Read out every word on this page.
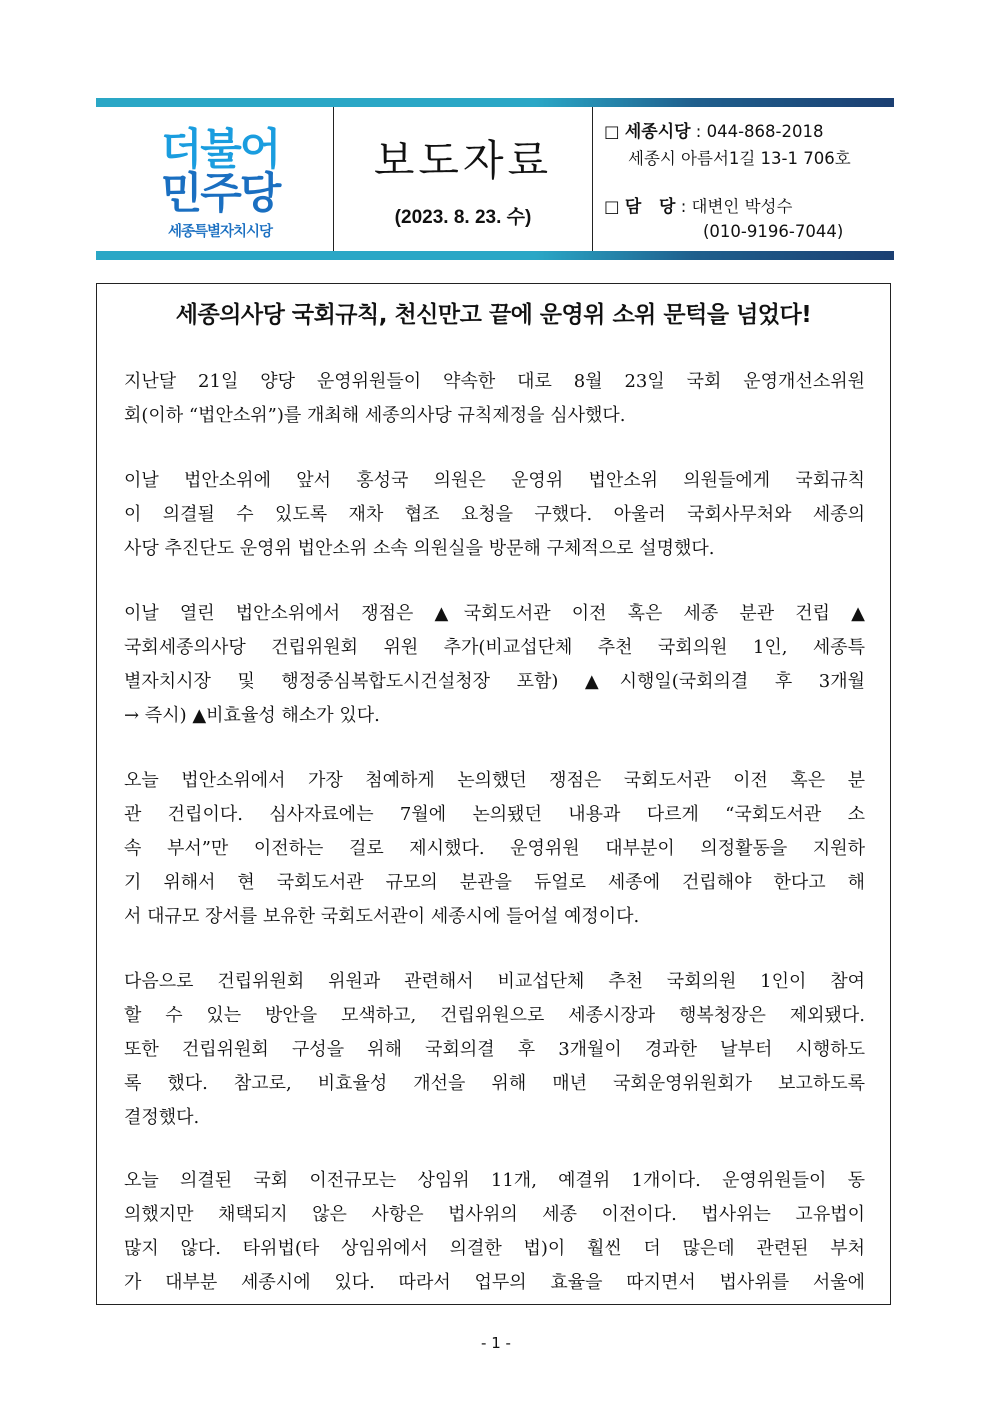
더불어
민주당
세종특별자치시당
보도자료
(2023. 8. 23. 수)
□ 세종시당 : 044-868-2018
세종시 아름서1길 13-1 706호
□ 담   당 : 대변인 박성수
(010-9196-7044)
세종의사당 국회규칙, 천신만고 끝에 운영위 소위 문턱을 넘었다!
지난달 21일 양당 운영위원들이 약속한 대로 8월 23일 국회 운영개선소위원
회(이하 “법안소위”)를 개최해 세종의사당 규칙제정을 심사했다.
이날 법안소위에 앞서 홍성국 의원은 운영위 법안소위 의원들에게 국회규칙
이 의결될 수 있도록 재차 협조 요청을 구했다. 아울러 국회사무처와 세종의
사당 추진단도 운영위 법안소위 소속 의원실을 방문해 구체적으로 설명했다.
이날 열린 법안소위에서 쟁점은 ▲국회도서관 이전 혹은 세종 분관 건립 ▲
국회세종의사당 건립위원회 위원 추가(비교섭단체 추천 국회의원 1인, 세종특
별자치시장 및 행정중심복합도시건설청장 포함) ▲시행일(국회의결 후 3개월
→ 즉시) ▲비효율성 해소가 있다.
오늘 법안소위에서 가장 첨예하게 논의했던 쟁점은 국회도서관 이전 혹은 분
관 건립이다. 심사자료에는 7월에 논의됐던 내용과 다르게 “국회도서관 소
속 부서”만 이전하는 걸로 제시했다. 운영위원 대부분이 의정활동을 지원하
기 위해서 현 국회도서관 규모의 분관을 듀얼로 세종에 건립해야 한다고 해
서 대규모 장서를 보유한 국회도서관이 세종시에 들어설 예정이다.
다음으로 건립위원회 위원과 관련해서 비교섭단체 추천 국회의원 1인이 참여
할 수 있는 방안을 모색하고, 건립위원으로 세종시장과 행복청장은 제외됐다.
또한 건립위원회 구성을 위해 국회의결 후 3개월이 경과한 날부터 시행하도
록 했다. 참고로, 비효율성 개선을 위해 매년 국회운영위원회가 보고하도록
결정했다.
오늘 의결된 국회 이전규모는 상임위 11개, 예결위 1개이다. 운영위원들이 동
의했지만 채택되지 않은 사항은 법사위의 세종 이전이다. 법사위는 고유법이
많지 않다. 타위법(타 상임위에서 의결한 법)이 훨씬 더 많은데 관련된 부처
가 대부분 세종시에 있다. 따라서 업무의 효율을 따지면서 법사위를 서울에
- 1 -
